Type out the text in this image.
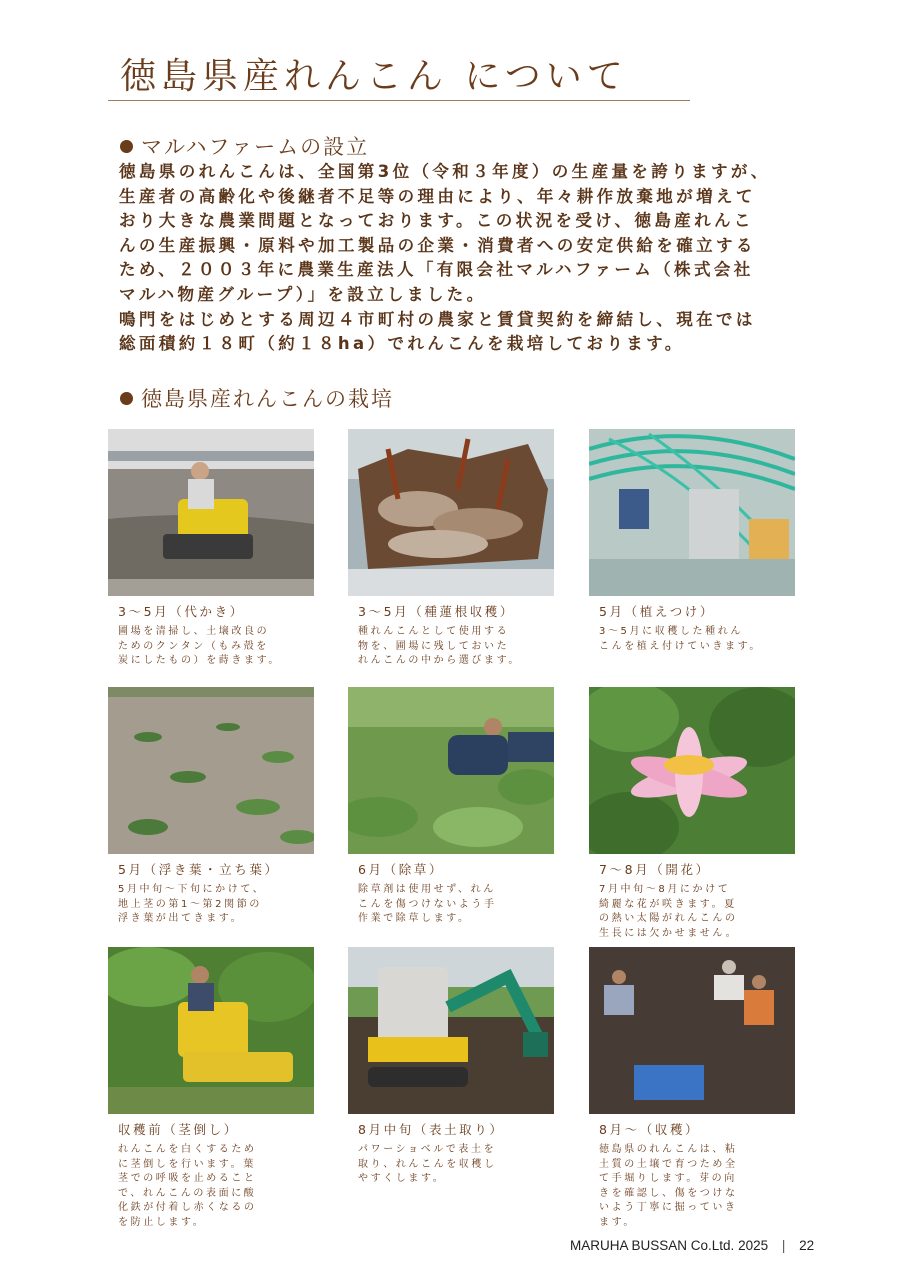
徳島県産れんこん について
マルハファームの設立

徳島県のれんこんは、全国第3位（令和３年度）の生産量を誇りますが、

生産者の高齢化や後継者不足等の理由により、年々耕作放棄地が増えて

おり大きな農業問題となっております。この状況を受け、徳島産れんこ

んの生産振興・原料や加工製品の企業・消費者への安定供給を確立する

ため、２００３年に農業生産法人「有限会社マルハファーム（株式会社

マルハ物産グループ）」を設立しました。

鳴門をはじめとする周辺４市町村の農家と賃貸契約を締結し、現在では

総面積約１８町（約１８ha）でれんこんを栽培しております。

徳島県産れんこんの栽培
3～5月（代かき）
圃場を清掃し、土壌改良の
ためのクンタン（もみ殻を
炭にしたもの）を蒔きます。
3～5月（種蓮根収穫）
種れんこんとして使用する
物を、圃場に残しておいた
れんこんの中から選びます。
5月（植えつけ）
3～5月に収穫した種れん
こんを植え付けていきます。
5月（浮き葉・立ち葉）
5月中旬～下旬にかけて、
地上茎の第1～第2関節の
浮き葉が出てきます。
6月（除草）
除草剤は使用せず、れん
こんを傷つけないよう手
作業で除草します。
7～8月（開花）
7月中旬～8月にかけて
綺麗な花が咲きます。夏
の熱い太陽がれんこんの
生長には欠かせません。
収穫前（茎倒し）
れんこんを白くするため
に茎倒しを行います。葉
茎での呼吸を止めること
で、れんこんの表面に酸
化鉄が付着し赤くなるの
を防止します。
8月中旬（表土取り）
パワーショベルで表土を
取り、れんこんを収穫し
やすくします。
8月～（収穫）
徳島県のれんこんは、粘
土質の土壌で育つため全
て手堀りします。芽の向
きを確認し、傷をつけな
いよう丁寧に掘っていき
ます。
MARUHA BUSSAN Co.Ltd. 2025 | 22
